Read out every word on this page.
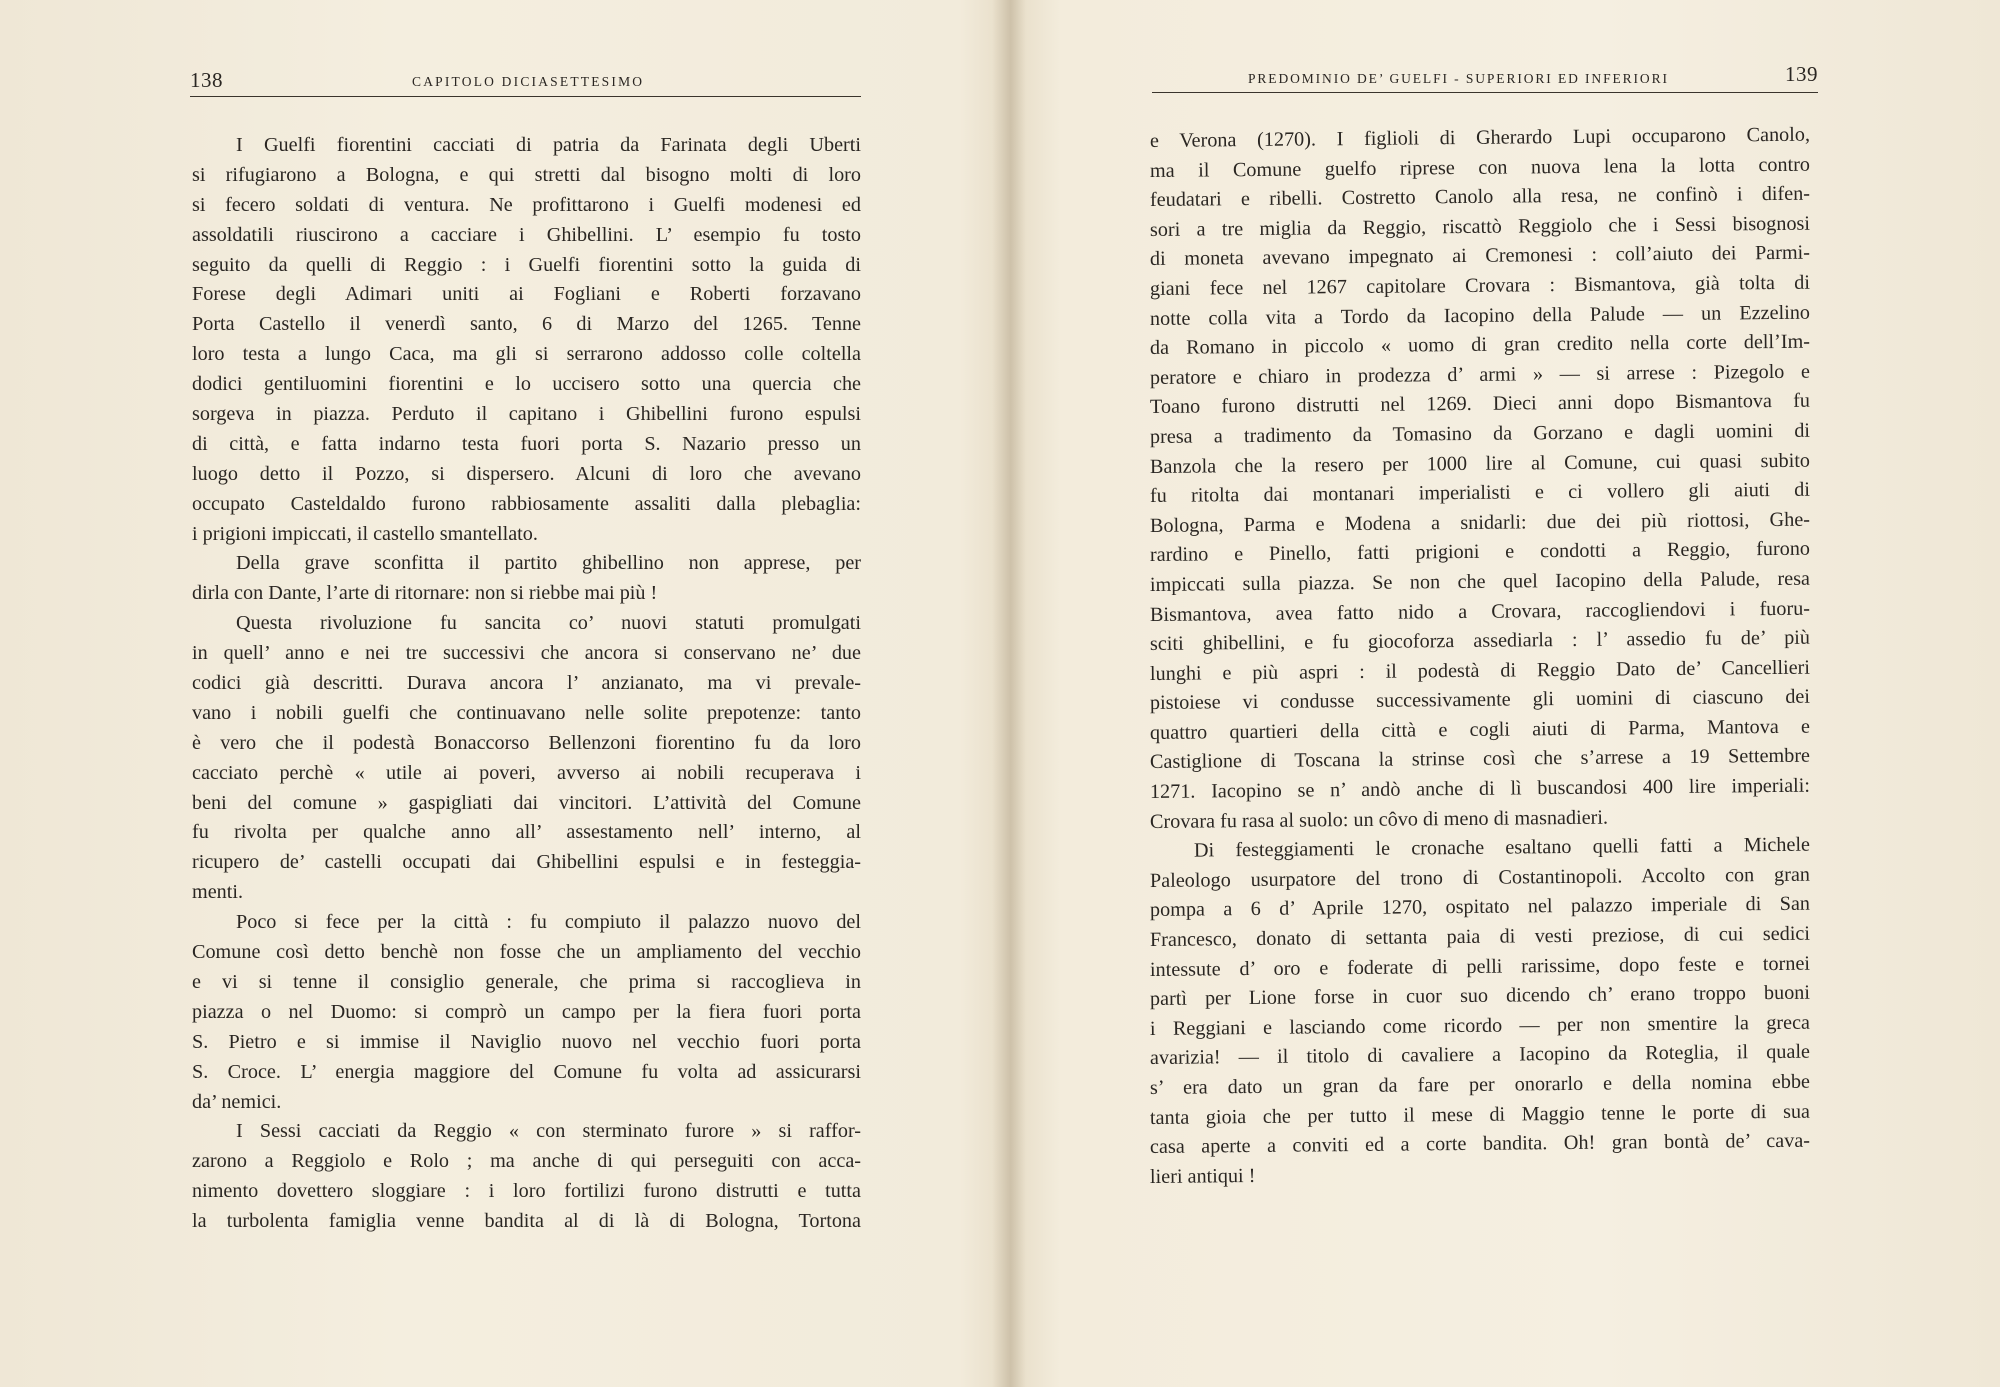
138	CAPITOLO DICIASETTESIMO
I Guelfi fiorentini cacciati di patria da Farinata degli Uberti
si rifugiarono a Bologna, e qui stretti dal bisogno molti di loro
si fecero soldati di ventura. Ne profittarono i Guelfi modenesi ed
assoldatili riuscirono a cacciare i Ghibellini. L’ esempio fu tosto
seguito da quelli di Reggio : i Guelfi fiorentini sotto la guida di
Forese degli Adimari uniti ai Fogliani e Roberti forzavano
Porta Castello il venerdì santo, 6 di Marzo del 1265. Tenne
loro testa a lungo Caca, ma gli si serrarono addosso colle coltella
dodici gentiluomini fiorentini e lo uccisero sotto una quercia che
sorgeva in piazza. Perduto il capitano i Ghibellini furono espulsi
di città, e fatta indarno testa fuori porta S. Nazario presso un
luogo detto il Pozzo, si dispersero. Alcuni di loro che avevano
occupato Casteldaldo furono rabbiosamente assaliti dalla plebaglia:
i prigioni impiccati, il castello smantellato.
Della grave sconfitta il partito ghibellino non apprese, per
dirla con Dante, l’arte di ritornare: non si riebbe mai più !
Questa rivoluzione fu sancita co’ nuovi statuti promulgati
in quell’ anno e nei tre successivi che ancora si conservano ne’ due
codici già descritti. Durava ancora l’ anzianato, ma vi prevale-
vano i nobili guelfi che continuavano nelle solite prepotenze: tanto
è vero che il podestà Bonaccorso Bellenzoni fiorentino fu da loro
cacciato perchè « utile ai poveri, avverso ai nobili recuperava i
beni del comune » gaspigliati dai vincitori. L’attività del Comune
fu rivolta per qualche anno all’ assestamento nell’ interno, al
ricupero de’ castelli occupati dai Ghibellini espulsi e in festeggia-
menti.
Poco si fece per la città : fu compiuto il palazzo nuovo del
Comune così detto benchè non fosse che un ampliamento del vecchio
e vi si tenne il consiglio generale, che prima si raccoglieva in
piazza o nel Duomo: si comprò un campo per la fiera fuori porta
S. Pietro e si immise il Naviglio nuovo nel vecchio fuori porta
S. Croce. L’ energia maggiore del Comune fu volta ad assicurarsi
da’ nemici.
I Sessi cacciati da Reggio « con sterminato furore » si raffor-
zarono a Reggiolo e Rolo ; ma anche di qui perseguiti con acca-
nimento dovettero sloggiare : i loro fortilizi furono distrutti e tutta
la turbolenta famiglia venne bandita al di là di Bologna, Tortona
PREDOMINIO DE’ GUELFI - SUPERIORI ED INFERIORI	139
e Verona (1270). I figlioli di Gherardo Lupi occuparono Canolo,
ma il Comune guelfo riprese con nuova lena la lotta contro
feudatari e ribelli. Costretto Canolo alla resa, ne confinò i difen-
sori a tre miglia da Reggio, riscattò Reggiolo che i Sessi bisognosi
di moneta avevano impegnato ai Cremonesi : coll’aiuto dei Parmi-
giani fece nel 1267 capitolare Crovara : Bismantova, già tolta di
notte colla vita a Tordo da Iacopino della Palude — un Ezzelino
da Romano in piccolo « uomo di gran credito nella corte dell’Im-
peratore e chiaro in prodezza d’ armi » — si arrese : Pizegolo e
Toano furono distrutti nel 1269. Dieci anni dopo Bismantova fu
presa a tradimento da Tomasino da Gorzano e dagli uomini di
Banzola che la resero per 1000 lire al Comune, cui quasi subito
fu ritolta dai montanari imperialisti e ci vollero gli aiuti di
Bologna, Parma e Modena a snidarli: due dei più riottosi, Ghe-
rardino e Pinello, fatti prigioni e condotti a Reggio, furono
impiccati sulla piazza. Se non che quel Iacopino della Palude, resa
Bismantova, avea fatto nido a Crovara, raccogliendovi i fuoru-
sciti ghibellini, e fu giocoforza assediarla : l’ assedio fu de’ più
lunghi e più aspri : il podestà di Reggio Dato de’ Cancellieri
pistoiese vi condusse successivamente gli uomini di ciascuno dei
quattro quartieri della città e cogli aiuti di Parma, Mantova e
Castiglione di Toscana la strinse così che s’arrese a 19 Settembre
1271. Iacopino se n’ andò anche di lì buscandosi 400 lire imperiali:
Crovara fu rasa al suolo: un côvo di meno di masnadieri.
Di festeggiamenti le cronache esaltano quelli fatti a Michele
Paleologo usurpatore del trono di Costantinopoli. Accolto con gran
pompa a 6 d’ Aprile 1270, ospitato nel palazzo imperiale di San
Francesco, donato di settanta paia di vesti preziose, di cui sedici
intessute d’ oro e foderate di pelli rarissime, dopo feste e tornei
partì per Lione forse in cuor suo dicendo ch’ erano troppo buoni
i Reggiani e lasciando come ricordo — per non smentire la greca
avarizia! — il titolo di cavaliere a Iacopino da Roteglia, il quale
s’ era dato un gran da fare per onorarlo e della nomina ebbe
tanta gioia che per tutto il mese di Maggio tenne le porte di sua
casa aperte a conviti ed a corte bandita. Oh! gran bontà de’ cava-
lieri antiqui !
